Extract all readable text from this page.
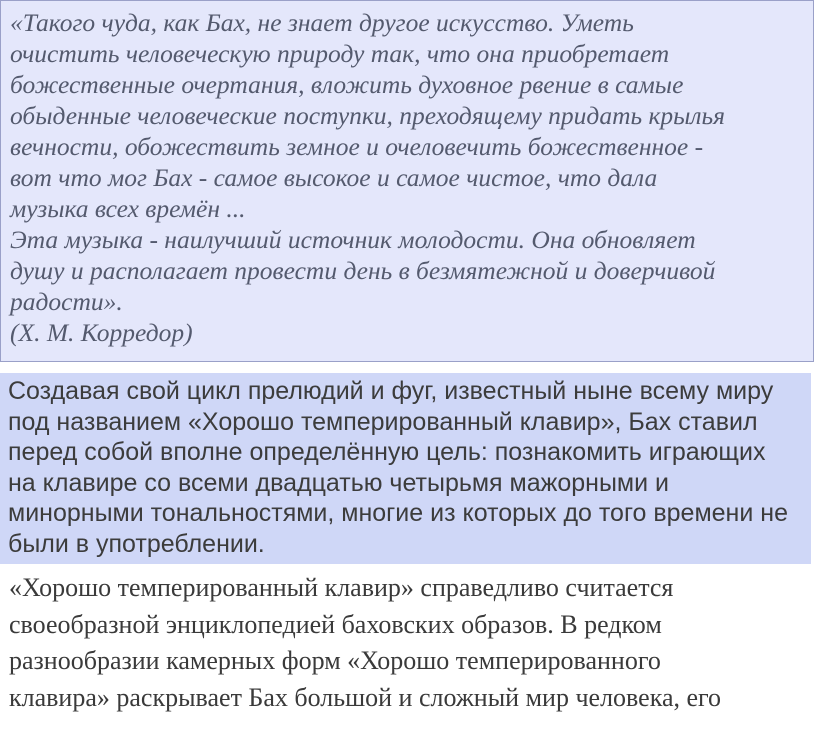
«Такого чуда, как Бах, не знает другое искусство. Уметь
очистить человеческую природу так, что она приобретает
божественные очертания, вложить духовное рвение в самые
обыденные человеческие поступки, преходящему придать крылья
вечности, обожествить земное и очеловечить божественное -
вот что мог Бах - самое высокое и самое чистое, что дала
музыка всех времён ...
Эта музыка - наилучший источник молодости. Она обновляет
душу и располагает провести день в безмятежной и доверчивой
радости».
(Х. М. Корредор)
Создавая свой цикл прелюдий и фуг, известный ныне всему миру
под названием «Хорошо темперированный клавир», Бах ставил
перед собой вполне определённую цель: познакомить играющих
на клавире со всеми двадцатью четырьмя мажорными и
минорными тональностями, многие из которых до того времени не
были в употреблении.
«Хорошо темперированный клавир» справедливо считается
своеобразной энциклопедией баховских образов. В редком
разнообразии камерных форм «Хорошо темперированного
клавира» раскрывает Бах большой и сложный мир человека, его
